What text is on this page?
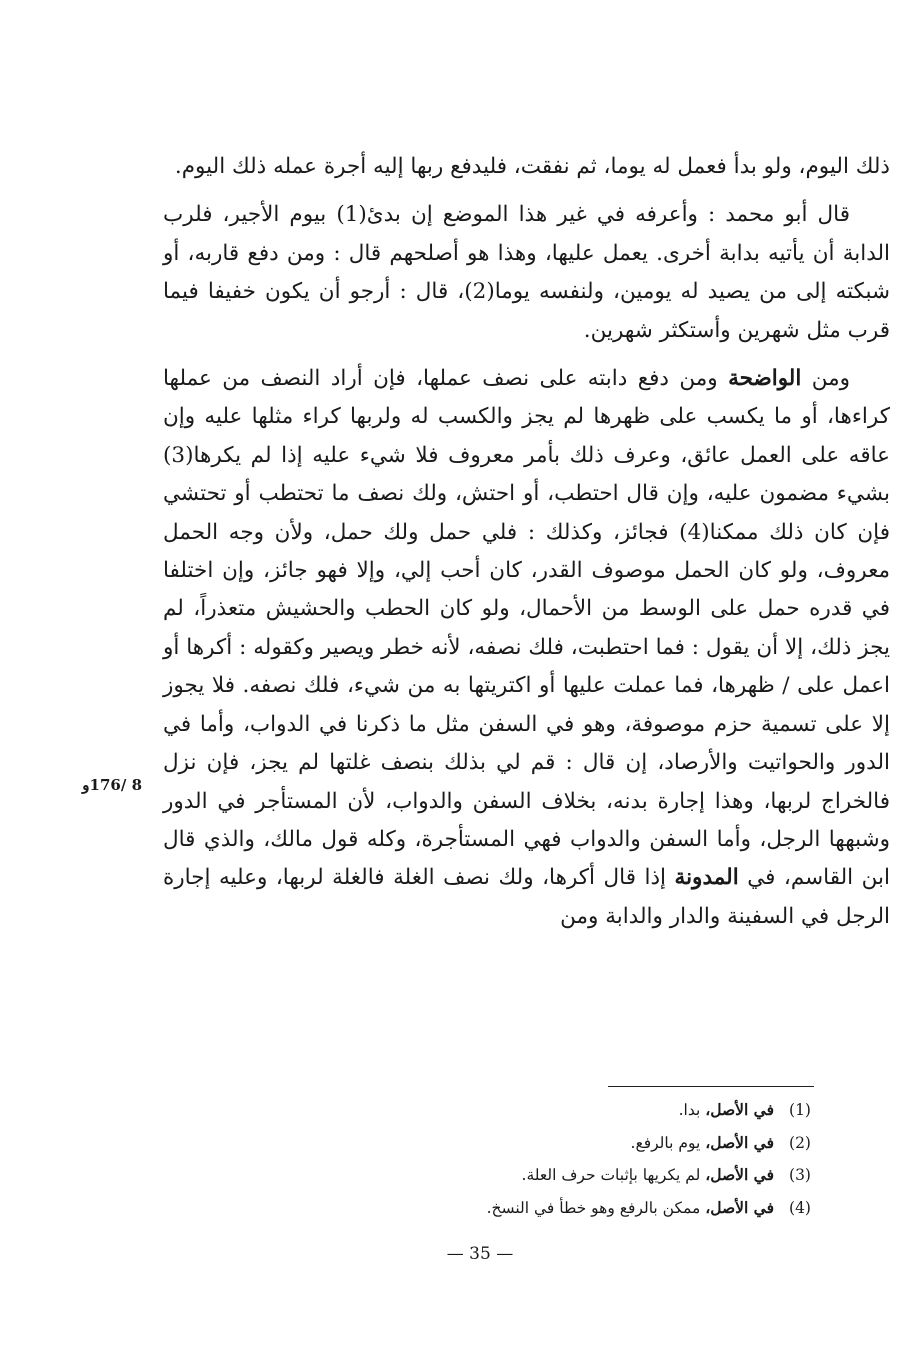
ذلك اليوم، ولو بدأ فعمل له يوما، ثم نفقت، فليدفع ربها إليه أجرة عمله ذلك اليوم.

قال أبو محمد : وأعرفه في غير هذا الموضع إن بدئ(1) بيوم الأجير، فلرب الدابة أن يأتيه بدابة أخرى. يعمل عليها، وهذا هو أصلحهم قال : ومن دفع قاربه، أو شبكته إلى من يصيد له يومين، ولنفسه يوما(2)، قال : أرجو أن يكون خفيفا فيما قرب مثل شهرين وأستكثر شهرين.

ومن الواضحة ومن دفع دابته على نصف عملها، فإن أراد النصف من عملها كراءها، أو ما يكسب على ظهرها لم يجز والكسب له ولربها كراء مثلها عليه وإن عاقه على العمل عائق، وعرف ذلك بأمر معروف فلا شيء عليه إذا لم يكرها(3) بشيء مضمون عليه، وإن قال احتطب، أو احتش، ولك نصف ما تحتطب أو تحتشي فإن كان ذلك ممكنا(4) فجائز، وكذلك : فلي حمل ولك حمل، ولأن وجه الحمل معروف، ولو كان الحمل موصوف القدر، كان أحب إلي، وإلا فهو جائز، وإن اختلفا في قدره حمل على الوسط من الأحمال، ولو كان الحطب والحشيش متعذراً، لم يجز ذلك، إلا أن يقول : فما احتطبت، فلك نصفه، لأنه خطر ويصير وكقوله : أكرها أو اعمل على / ظهرها، فما عملت عليها أو اكتريتها به من شيء، فلك نصفه. فلا يجوز إلا على تسمية حزم موصوفة، وهو في السفن مثل ما ذكرنا في الدواب، وأما في الدور والحواتيت والأرصاد، إن قال : قم لي بذلك بنصف غلتها لم يجز، فإن نزل فالخراج لربها، وهذا إجارة بدنه، بخلاف السفن والدواب، لأن المستأجر في الدور وشبهها الرجل، وأما السفن والدواب فهي المستأجرة، وكله قول مالك، والذي قال ابن القاسم، في المدونة إذا قال أكرها، ولك نصف الغلة فالغلة لربها، وعليه إجارة الرجل في السفينة والدار والدابة ومن

8 /176و
(1)
في الأصل، بدا.
(2)
في الأصل، يوم بالرفع.
(3)
في الأصل، لم يكريها بإثبات حرف العلة.
(4)
في الأصل، ممكن بالرفع وهو خطأ في النسخ.
— 35 —
